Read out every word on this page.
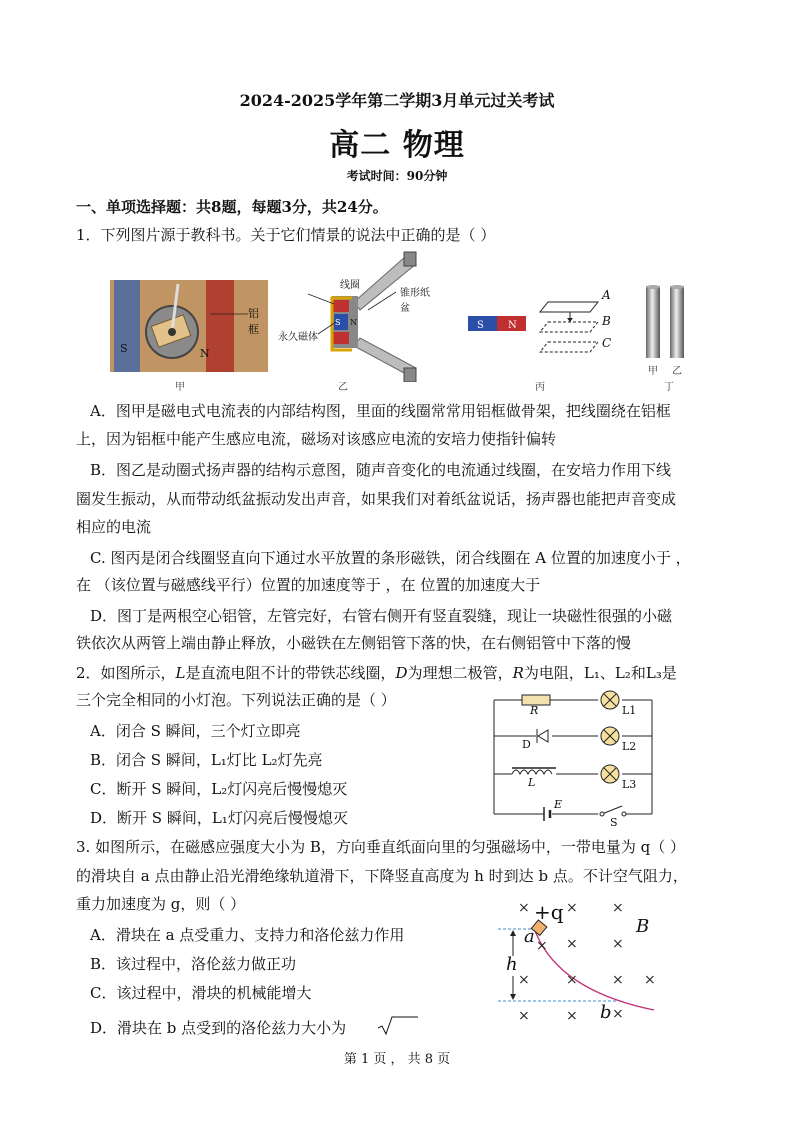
2024-2025学年第二学期3月单元过关考试
高二 物理
考试时间：90分钟
一、单项选择题：共8题，每题3分，共24分。
1．下列图片源于教科书。关于它们情景的说法中正确的是（ ）
S	N
铝框
甲
S N
线圈
锥形纸盆
永久磁体
乙
S N
A
B
C
丙
甲 乙
丁
A．图甲是磁电式电流表的内部结构图，里面的线圈常常用铝框做骨架，把线圈绕在铝框
上，因为铝框中能产生感应电流，磁场对该感应电流的安培力使指针偏转
B．图乙是动圈式扬声器的结构示意图，随声音变化的电流通过线圈，在安培力作用下线
圈发生振动，从而带动纸盆振动发出声音，如果我们对着纸盆说话，扬声器也能把声音变成
相应的电流
C. 图丙是闭合线圈竖直向下通过水平放置的条形磁铁，闭合线圈在 A 位置的加速度小于 ，
在 （该位置与磁感线平行）位置的加速度等于 ，在 位置的加速度大于
D．图丁是两根空心铝管，左管完好，右管右侧开有竖直裂缝，现让一块磁性很强的小磁
铁依次从两管上端由静止释放，小磁铁在左侧铝管下落的快，在右侧铝管中下落的慢
2．如图所示，L是直流电阻不计的带铁芯线圈，D为理想二极管，R为电阻，L₁、L₂和L₃是
三个完全相同的小灯泡。下列说法正确的是（ ）
A．闭合 S 瞬间，三个灯立即亮
B．闭合 S 瞬间，L₁灯比 L₂灯先亮
C．断开 S 瞬间，L₂灯闪亮后慢慢熄灭
D．断开 S 瞬间，L₁灯闪亮后慢慢熄灭
R	L1
D	L2
L	L3
E
S
3. 如图所示，在磁感应强度大小为 B，方向垂直纸面向里的匀强磁场中，一带电量为 q（ ）
的滑块自 a 点由静止沿光滑绝缘轨道滑下，下降竖直高度为 h 时到达 b 点。不计空气阻力，
重力加速度为 g，则（ ）
A．滑块在 a 点受重力、支持力和洛伦兹力作用
B．该过程中，洛伦兹力做正功
C．该过程中，滑块的机械能增大
D．滑块在 b 点受到的洛伦兹力大小为
+q
a
h
B
b
×	× ×
× ×
×
× × ×
×
×	× ×
第 1 页 ， 共 8 页
